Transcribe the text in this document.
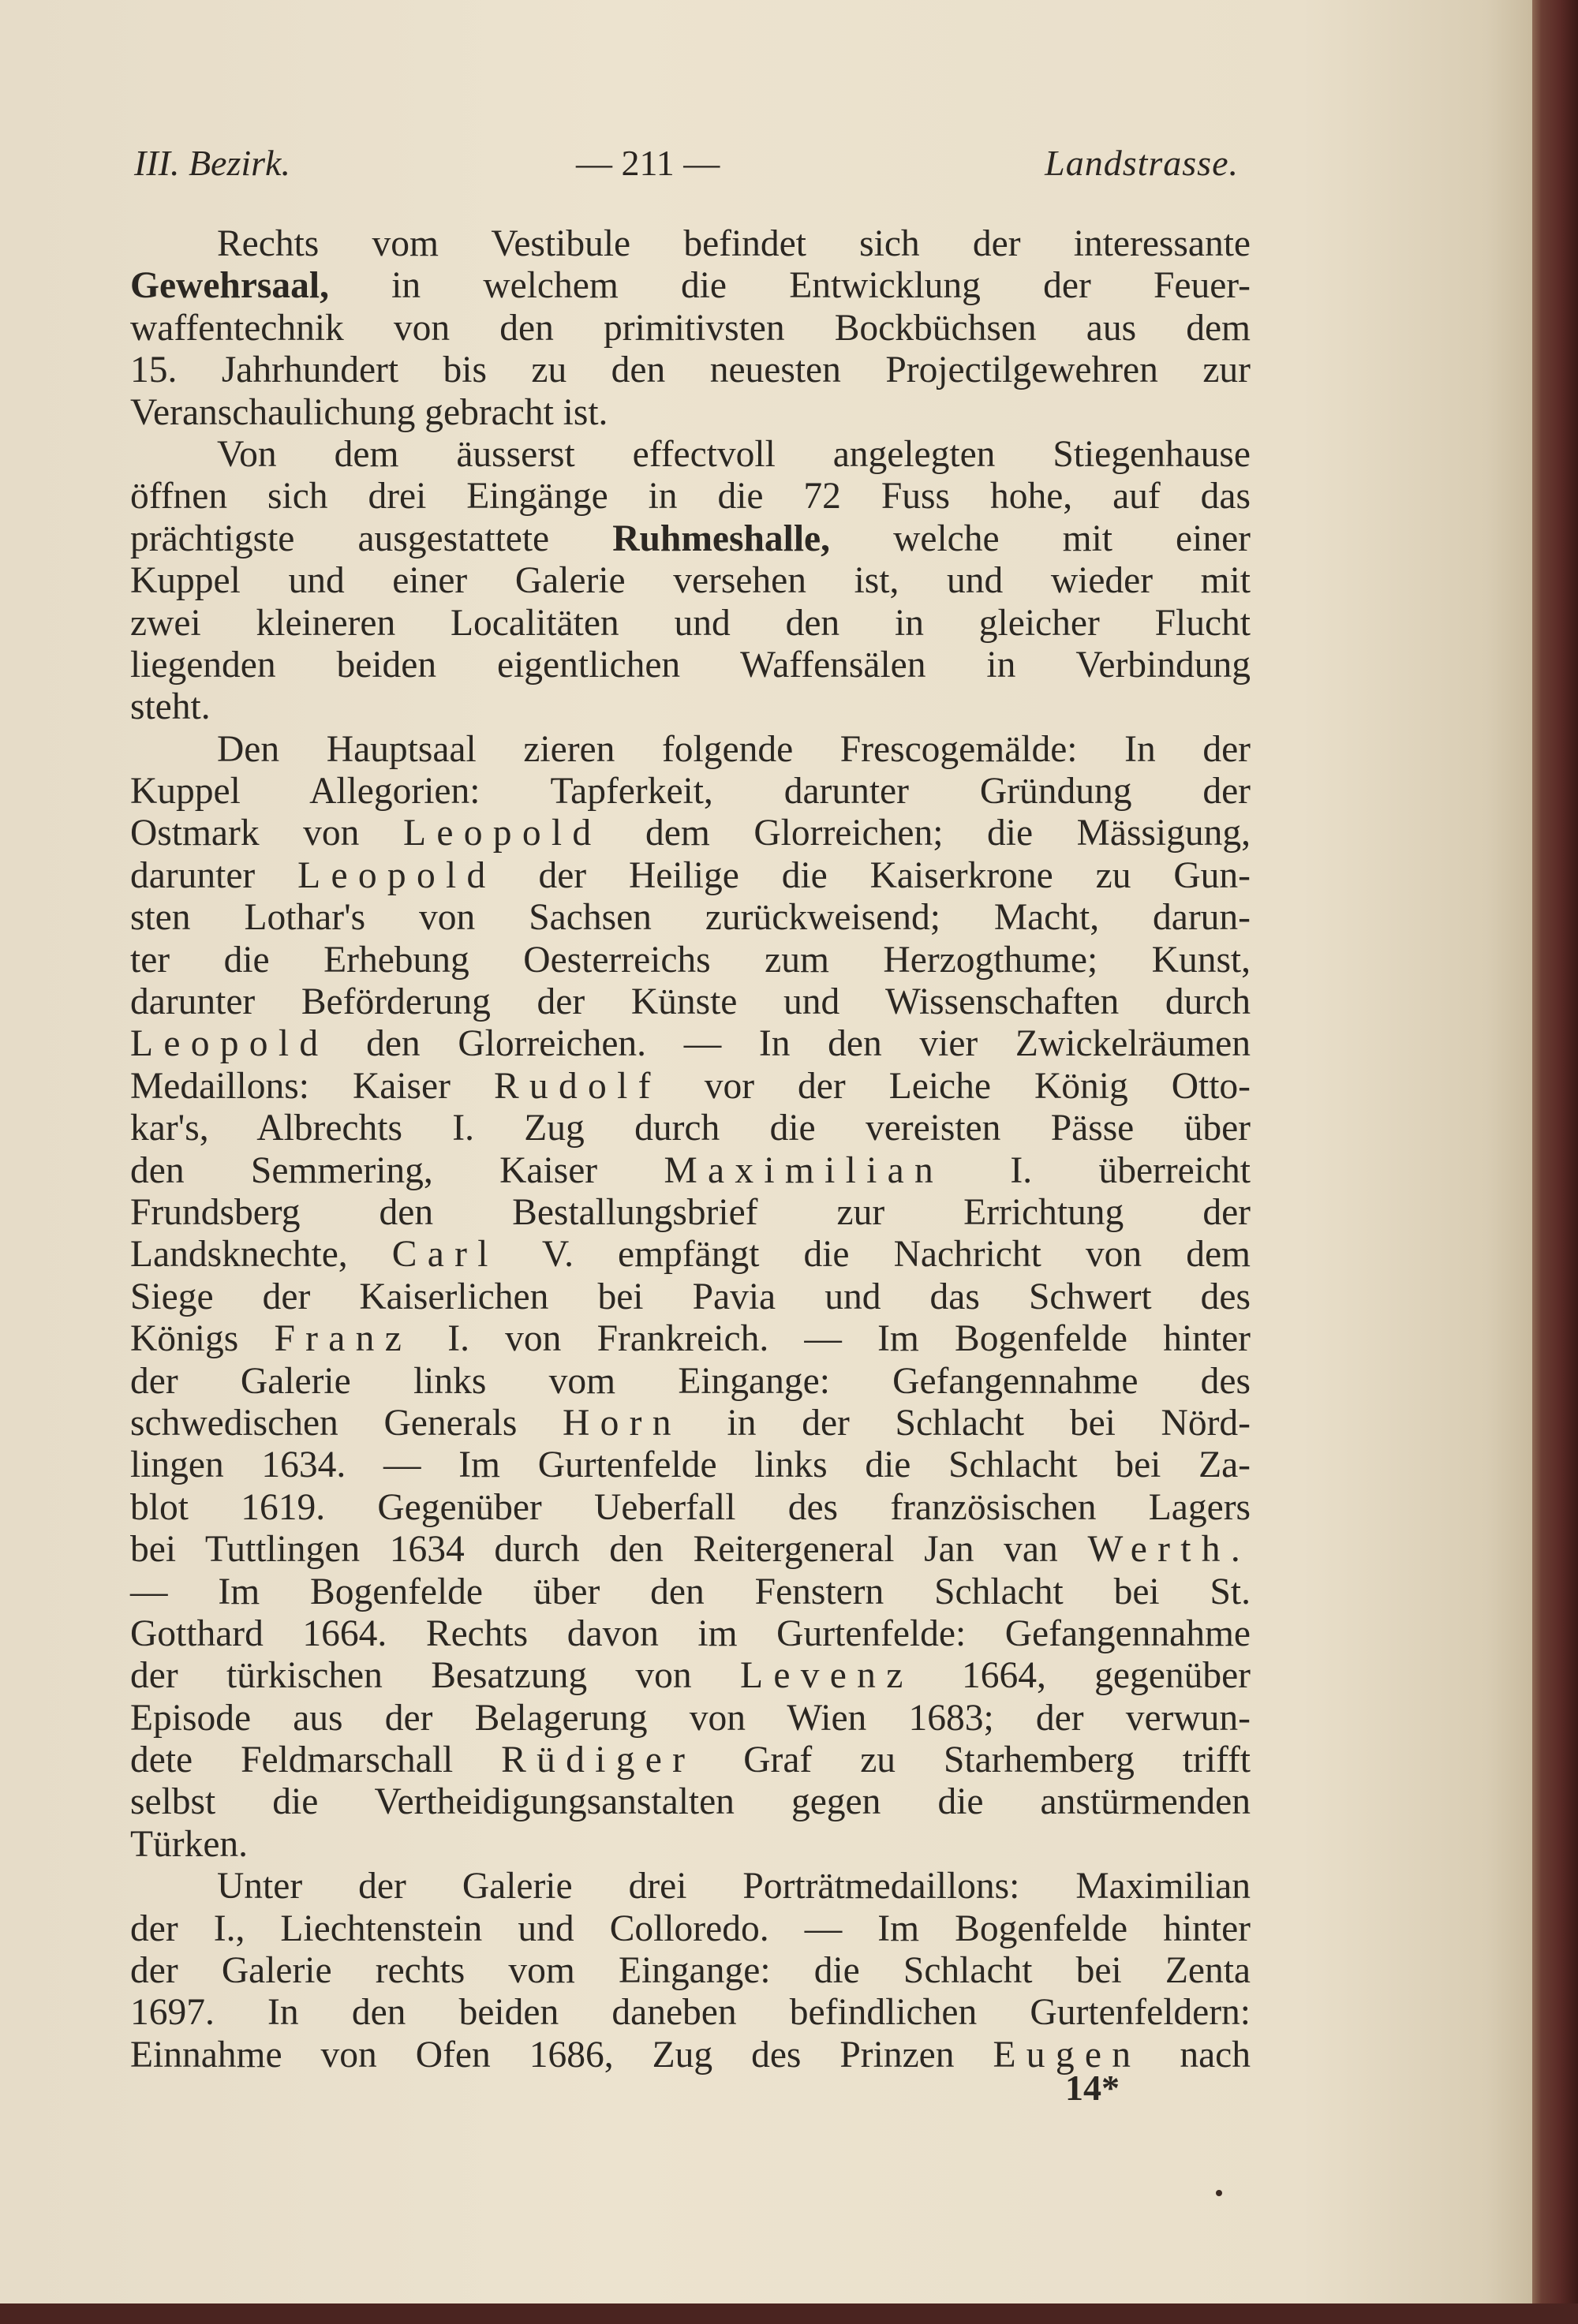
III. Bezirk.	— 211 —	Landstrasse.
Rechts vom Vestibule befindet sich der interessante
Gewehrsaal, in welchem die Entwicklung der Feuer-
waffentechnik von den primitivsten Bockbüchsen aus dem
15. Jahrhundert bis zu den neuesten Projectilgewehren zur
Veranschaulichung gebracht ist.
Von dem äusserst effectvoll angelegten Stiegenhause
öffnen sich drei Eingänge in die 72 Fuss hohe, auf das
prächtigste ausgestattete Ruhmeshalle, welche mit einer
Kuppel und einer Galerie versehen ist, und wieder mit
zwei kleineren Localitäten und den in gleicher Flucht
liegenden beiden eigentlichen Waffensälen in Verbindung
steht.
Den Hauptsaal zieren folgende Frescogemälde: In der
Kuppel Allegorien: Tapferkeit, darunter Gründung der
Ostmark von Leopold dem Glorreichen; die Mässigung,
darunter Leopold der Heilige die Kaiserkrone zu Gun-
sten Lothar's von Sachsen zurückweisend; Macht, darun-
ter die Erhebung Oesterreichs zum Herzogthume; Kunst,
darunter Beförderung der Künste und Wissenschaften durch
Leopold den Glorreichen. — In den vier Zwickelräumen
Medaillons: Kaiser Rudolf vor der Leiche König Otto-
kar's, Albrechts I. Zug durch die vereisten Pässe über
den Semmering, Kaiser Maximilian I. überreicht
Frundsberg den Bestallungsbrief zur Errichtung der
Landsknechte, Carl V. empfängt die Nachricht von dem
Siege der Kaiserlichen bei Pavia und das Schwert des
Königs Franz I. von Frankreich. — Im Bogenfelde hinter
der Galerie links vom Eingange: Gefangennahme des
schwedischen Generals Horn in der Schlacht bei Nörd-
lingen 1634. — Im Gurtenfelde links die Schlacht bei Za-
blot 1619. Gegenüber Ueberfall des französischen Lagers
bei Tuttlingen 1634 durch den Reitergeneral Jan van Werth.
— Im Bogenfelde über den Fenstern Schlacht bei St.
Gotthard 1664. Rechts davon im Gurtenfelde: Gefangennahme
der türkischen Besatzung von Levenz 1664, gegenüber
Episode aus der Belagerung von Wien 1683; der verwun-
dete Feldmarschall Rüdiger Graf zu Starhemberg trifft
selbst die Vertheidigungsanstalten gegen die anstürmenden
Türken.
Unter der Galerie drei Porträtmedaillons: Maximilian
der I., Liechtenstein und Colloredo. — Im Bogenfelde hinter
der Galerie rechts vom Eingange: die Schlacht bei Zenta
1697. In den beiden daneben befindlichen Gurtenfeldern:
Einnahme von Ofen 1686, Zug des Prinzen Eugen nach
14*
